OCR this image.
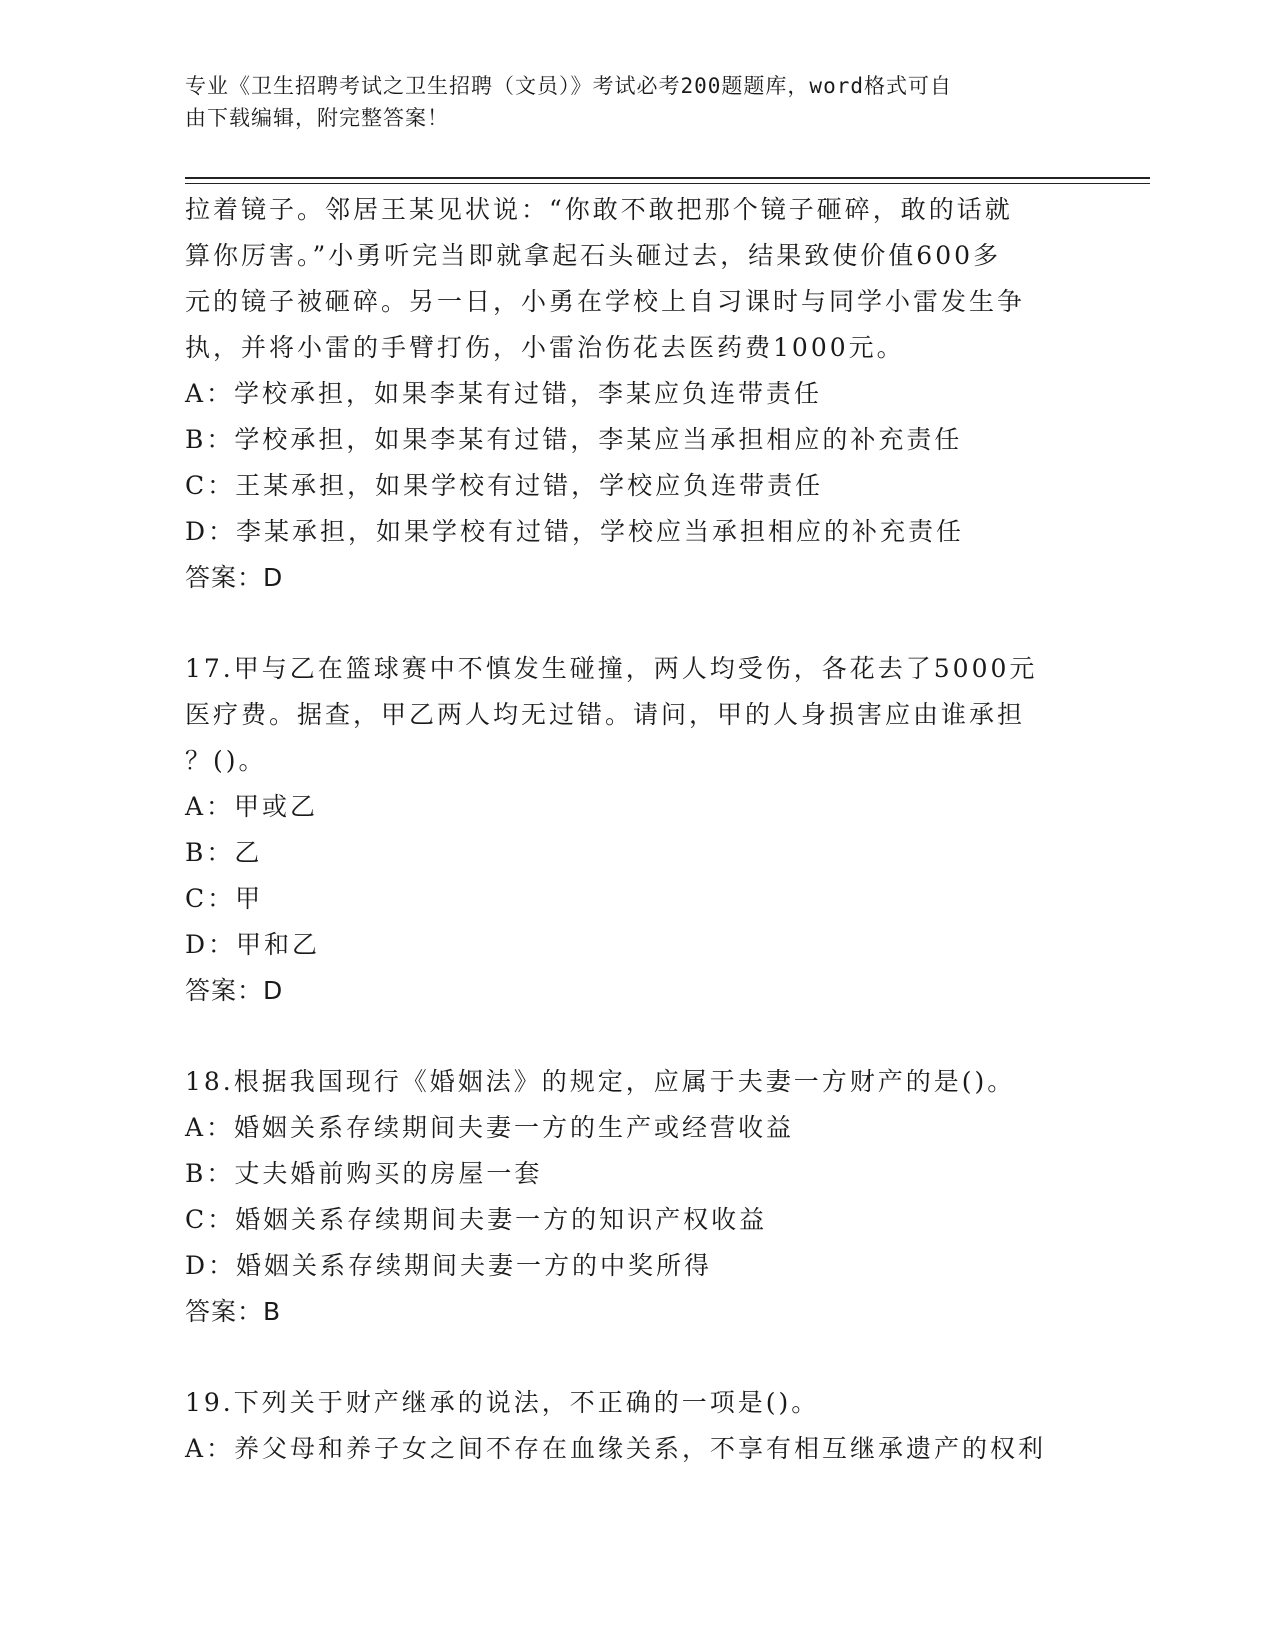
专业《卫生招聘考试之卫生招聘（文员）》考试必考200题题库，word格式可自
由下载编辑，附完整答案！
拉着镜子。邻居王某见状说：“你敢不敢把那个镜子砸碎，敢的话就
算你厉害。”小勇听完当即就拿起石头砸过去，结果致使价值600多
元的镜子被砸碎。另一日，小勇在学校上自习课时与同学小雷发生争
执，并将小雷的手臂打伤，小雷治伤花去医药费1000元。
A：学校承担，如果李某有过错，李某应负连带责任
B：学校承担，如果李某有过错，李某应当承担相应的补充责任
C：王某承担，如果学校有过错，学校应负连带责任
D：李某承担，如果学校有过错，学校应当承担相应的补充责任
答案：D
17.甲与乙在篮球赛中不慎发生碰撞，两人均受伤，各花去了5000元
医疗费。据查，甲乙两人均无过错。请问，甲的人身损害应由谁承担
？()。
A：甲或乙
B：乙
C：甲
D：甲和乙
答案：D
18.根据我国现行《婚姻法》的规定，应属于夫妻一方财产的是()。
A：婚姻关系存续期间夫妻一方的生产或经营收益
B：丈夫婚前购买的房屋一套
C：婚姻关系存续期间夫妻一方的知识产权收益
D：婚姻关系存续期间夫妻一方的中奖所得
答案：B
19.下列关于财产继承的说法，不正确的一项是()。
A：养父母和养子女之间不存在血缘关系，不享有相互继承遗产的权利
